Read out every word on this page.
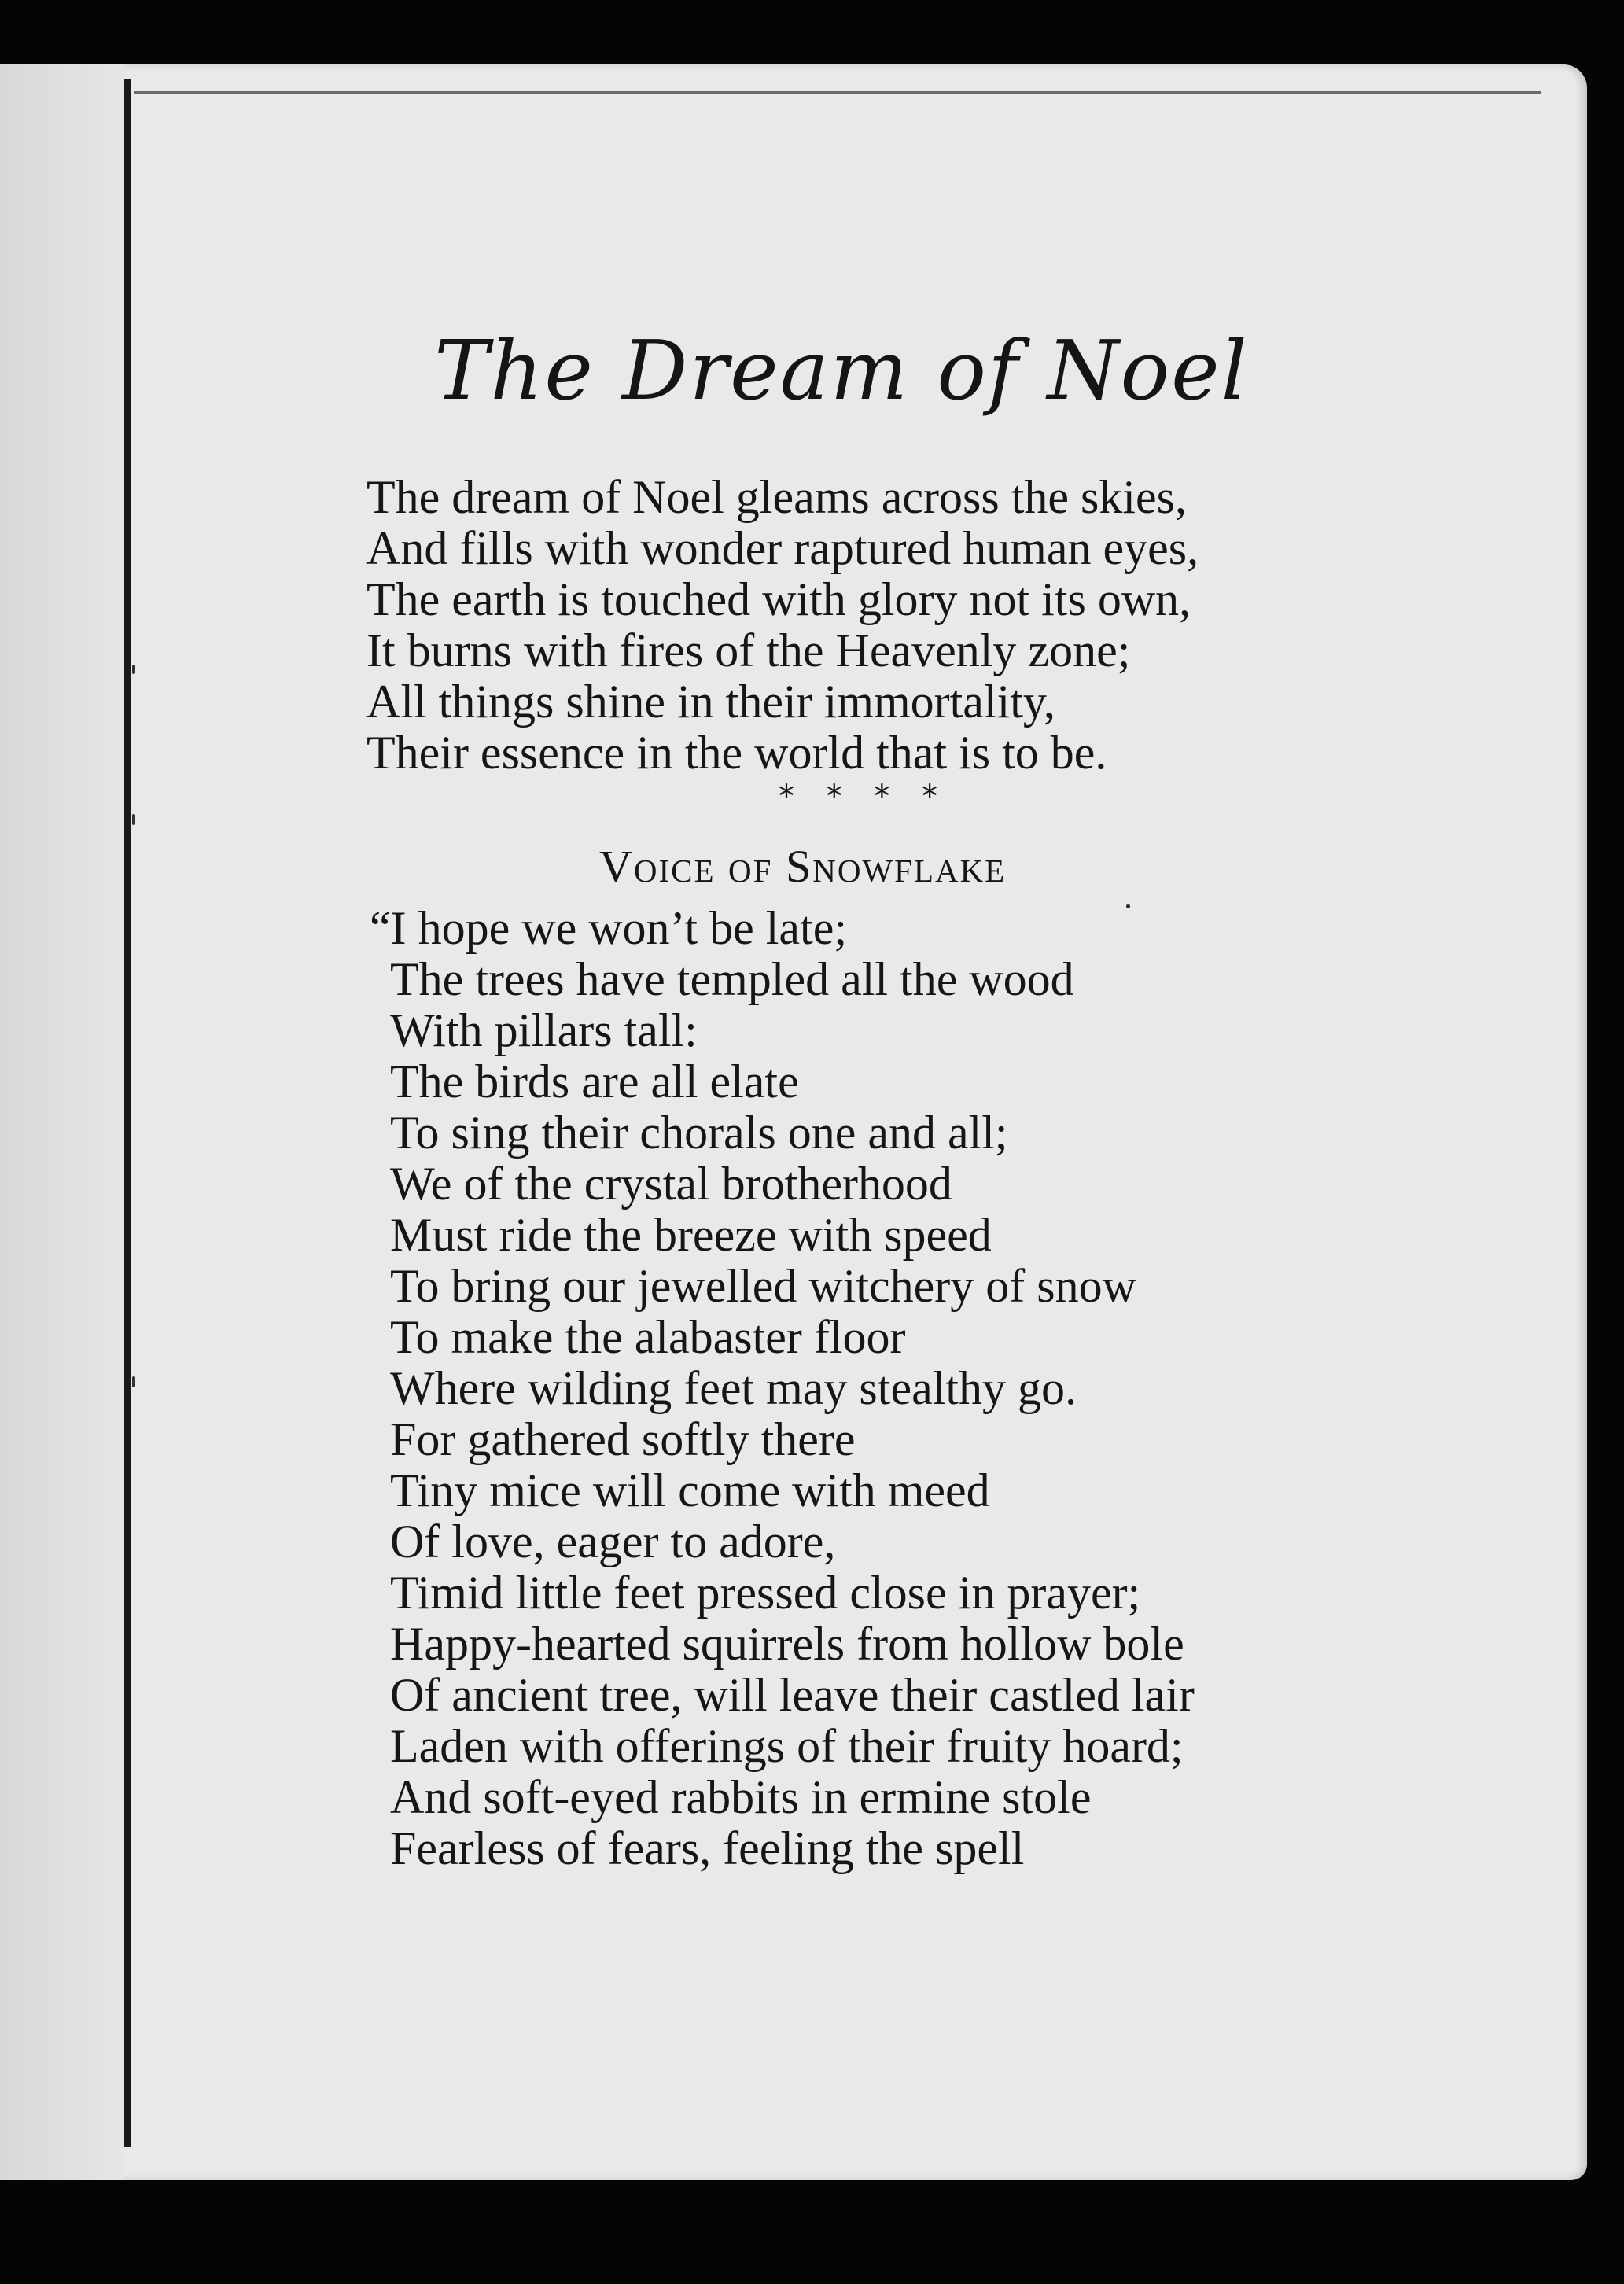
The Dream of Noel
The dream of Noel gleams across the skies,
And fills with wonder raptured human eyes,
The earth is touched with glory not its own,
It burns with fires of the Heavenly zone;
All things shine in their immortality,
Their essence in the world that is to be.
* * * *
Voice of Snowflake
“I hope we won’t be late;
The trees have templed all the wood
With pillars tall:
The birds are all elate
To sing their chorals one and all;
We of the crystal brotherhood
Must ride the breeze with speed
To bring our jewelled witchery of snow
To make the alabaster floor
Where wilding feet may stealthy go.
For gathered softly there
Tiny mice will come with meed
Of love, eager to adore,
Timid little feet pressed close in prayer;
Happy-hearted squirrels from hollow bole
Of ancient tree, will leave their castled lair
Laden with offerings of their fruity hoard;
And soft-eyed rabbits in ermine stole
Fearless of fears, feeling the spell
